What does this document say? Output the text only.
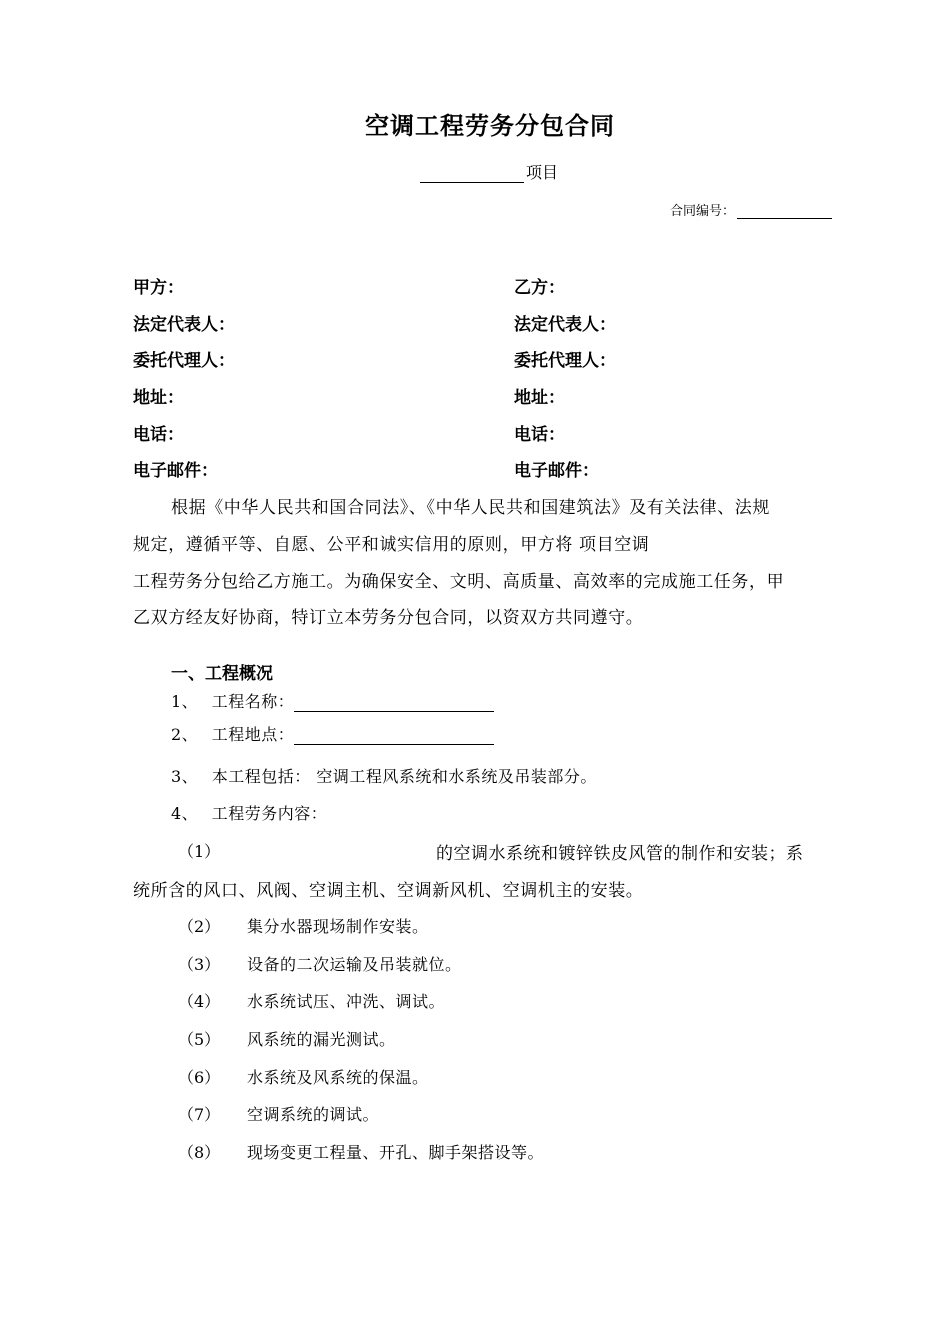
空调工程劳务分包合同
项目
合同编号：
甲方：
法定代表人：
委托代理人：
地址：
电话：
电子邮件：
乙方：
法定代表人：
委托代理人：
地址：
电话：
电子邮件：
根据《中华人民共和国合同法》、《中华人民共和国建筑法》及有关法律、法规
规定，遵循平等、自愿、公平和诚实信用的原则，甲方将 项目空调
工程劳务分包给乙方施工。为确保安全、文明、高质量、高效率的完成施工任务，甲
乙双方经友好协商，特订立本劳务分包合同，以资双方共同遵守。
一、工程概况
1、 工程名称：
2、 工程地点：
3、 本工程包括： 空调工程风系统和水系统及吊装部分。
4、 工程劳务内容：
（1）	的空调水系统和镀锌铁皮风管的制作和安装；系
统所含的风口、风阀、空调主机、空调新风机、空调机主的安装。
（2） 集分水器现场制作安装。
（3） 设备的二次运输及吊装就位。
（4） 水系统试压、冲洗、调试。
（5） 风系统的漏光测试。
（6） 水系统及风系统的保温。
（7） 空调系统的调试。
（8） 现场变更工程量、开孔、脚手架搭设等。
